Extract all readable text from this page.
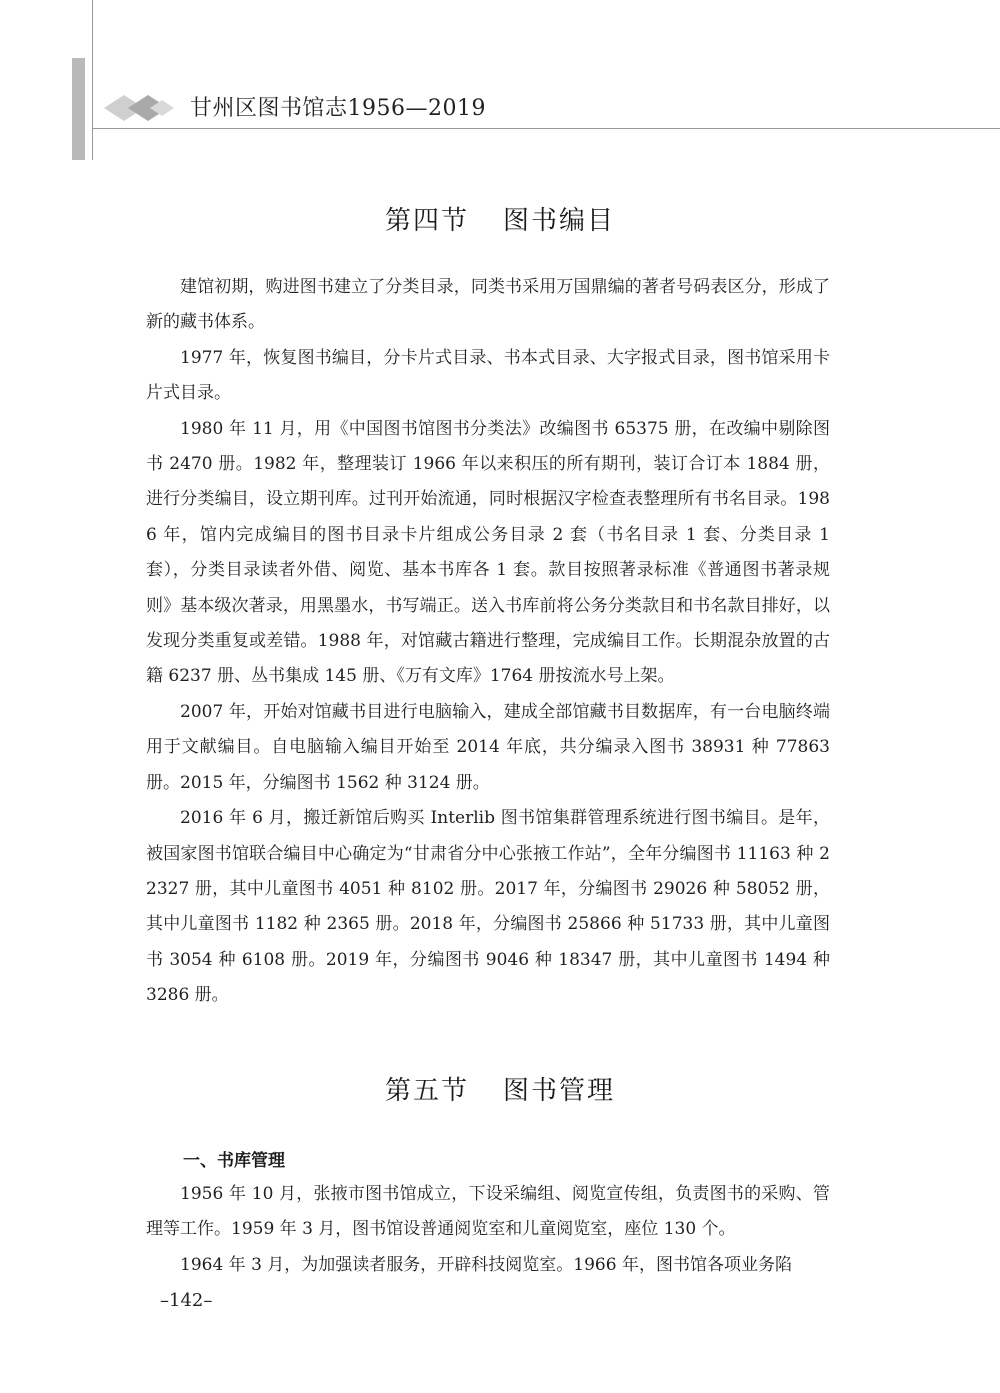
甘州区图书馆志1956—2019
第四节 图书编目

建馆初期，购进图书建立了分类目录，同类书采用万国鼎编的著者号码表区分，形成了新的藏书体系。

1977 年，恢复图书编目，分卡片式目录、书本式目录、大字报式目录，图书馆采用卡片式目录。

1980 年 11 月，用《中国图书馆图书分类法》改编图书 65375 册，在改编中剔除图书 2470 册。1982 年，整理装订 1966 年以来积压的所有期刊，装订合订本 1884 册，进行分类编目，设立期刊库。过刊开始流通，同时根据汉字检查表整理所有书名目录。1986 年，馆内完成编目的图书目录卡片组成公务目录 2 套（书名目录 1 套、分类目录 1 套），分类目录读者外借、阅览、基本书库各 1 套。款目按照著录标准《普通图书著录规则》基本级次著录，用黑墨水，书写端正。送入书库前将公务分类款目和书名款目排好，以发现分类重复或差错。1988 年，对馆藏古籍进行整理，完成编目工作。长期混杂放置的古籍 6237 册、丛书集成 145 册、《万有文库》1764 册按流水号上架。

2007 年，开始对馆藏书目进行电脑输入，建成全部馆藏书目数据库，有一台电脑终端用于文献编目。自电脑输入编目开始至 2014 年底，共分编录入图书 38931 种 77863 册。2015 年，分编图书 1562 种 3124 册。

2016 年 6 月，搬迁新馆后购买 Interlib 图书馆集群管理系统进行图书编目。是年，被国家图书馆联合编目中心确定为“甘肃省分中心张掖工作站”，全年分编图书 11163 种 22327 册，其中儿童图书 4051 种 8102 册。2017 年，分编图书 29026 种 58052 册，其中儿童图书 1182 种 2365 册。2018 年，分编图书 25866 种 51733 册，其中儿童图书 3054 种 6108 册。2019 年，分编图书 9046 种 18347 册，其中儿童图书 1494 种 3286 册。

第五节 图书管理
一、书库管理

1956 年 10 月，张掖市图书馆成立，下设采编组、阅览宣传组，负责图书的采购、管理等工作。1959 年 3 月，图书馆设普通阅览室和儿童阅览室，座位 130 个。

1964 年 3 月，为加强读者服务，开辟科技阅览室。1966 年，图书馆各项业务陷

–142–
